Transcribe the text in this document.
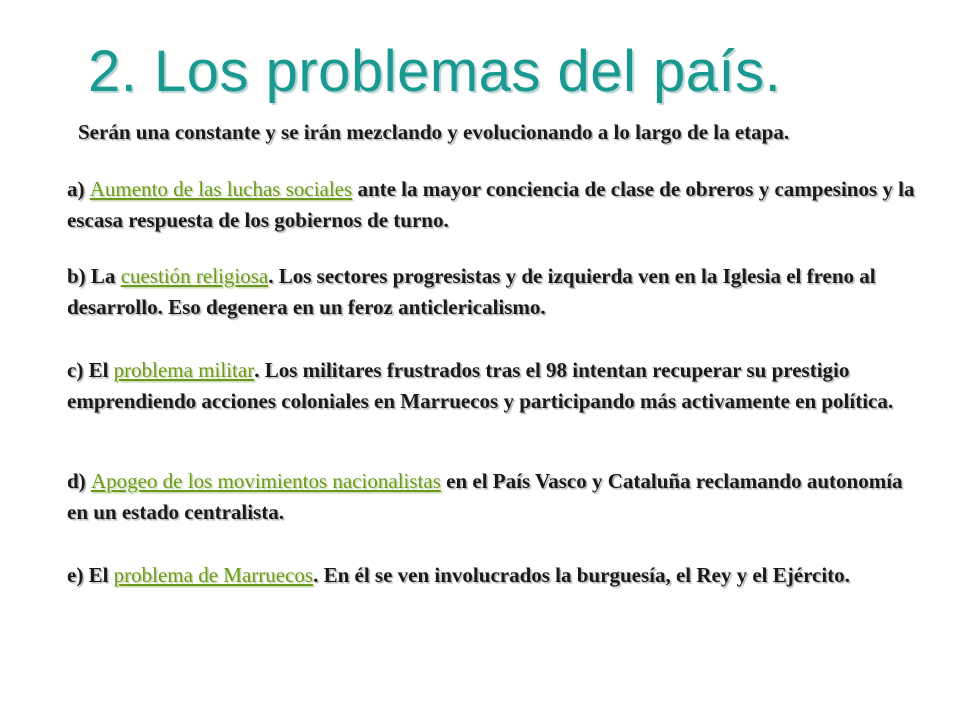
2. Los problemas del país.

Serán una constante y se irán mezclando y evolucionando a lo largo de la etapa.

a) Aumento de las luchas sociales ante la mayor conciencia de clase de obreros y campesinos y la escasa respuesta de los gobiernos de turno.

b) La cuestión religiosa. Los sectores progresistas y de izquierda ven en la Iglesia el freno al desarrollo. Eso degenera en un feroz anticlericalismo.

c) El problema militar. Los militares frustrados tras el 98 intentan recuperar su prestigio emprendiendo acciones coloniales en Marruecos y participando más activamente en política.

d) Apogeo de los movimientos nacionalistas en el País Vasco y Cataluña reclamando autonomía en un estado centralista.

e) El problema de Marruecos. En él se ven involucrados la burguesía, el Rey y el Ejército.
